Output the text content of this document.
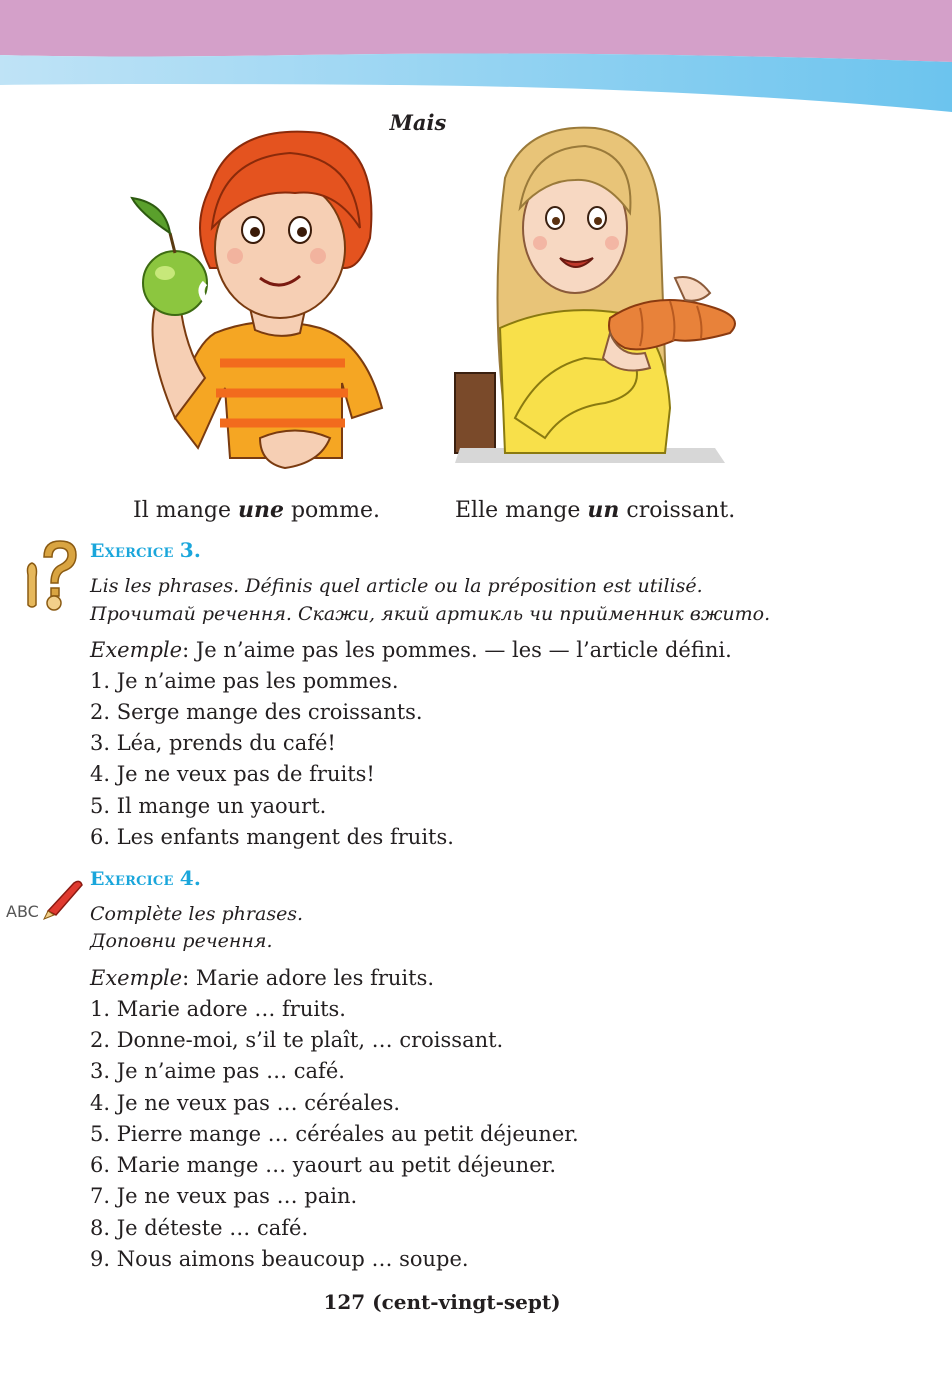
Mais
Il mange une pomme.	Elle mange un croissant.
Exercice 3.
Lis les phrases. Définis quel article ou la préposition est utilisé.
Прочитай речення. Скажи, який артикль чи прийменник вжито.
Exemple: Je n’aime pas les pommes. — les — l’article défini.
1. Je n’aime pas les pommes.
2. Serge mange des croissants.
3. Léa, prends du café!
4. Je ne veux pas de fruits!
5. Il mange un yaourt.
6. Les enfants mangent des fruits.
ABC
Exercice 4.
Complète les phrases.
Доповни речення.
Exemple: Marie adore les fruits.
1. Marie adore … fruits.
2. Donne-moi, s’il te plaît, … croissant.
3. Je n’aime pas … café.
4. Je ne veux pas … céréales.
5. Pierre mange … céréales au petit déjeuner.
6. Marie mange … yaourt au petit déjeuner.
7. Je ne veux pas … pain.
8. Je déteste … café.
9. Nous aimons beaucoup … soupe.
127 (cent-vingt-sept)
